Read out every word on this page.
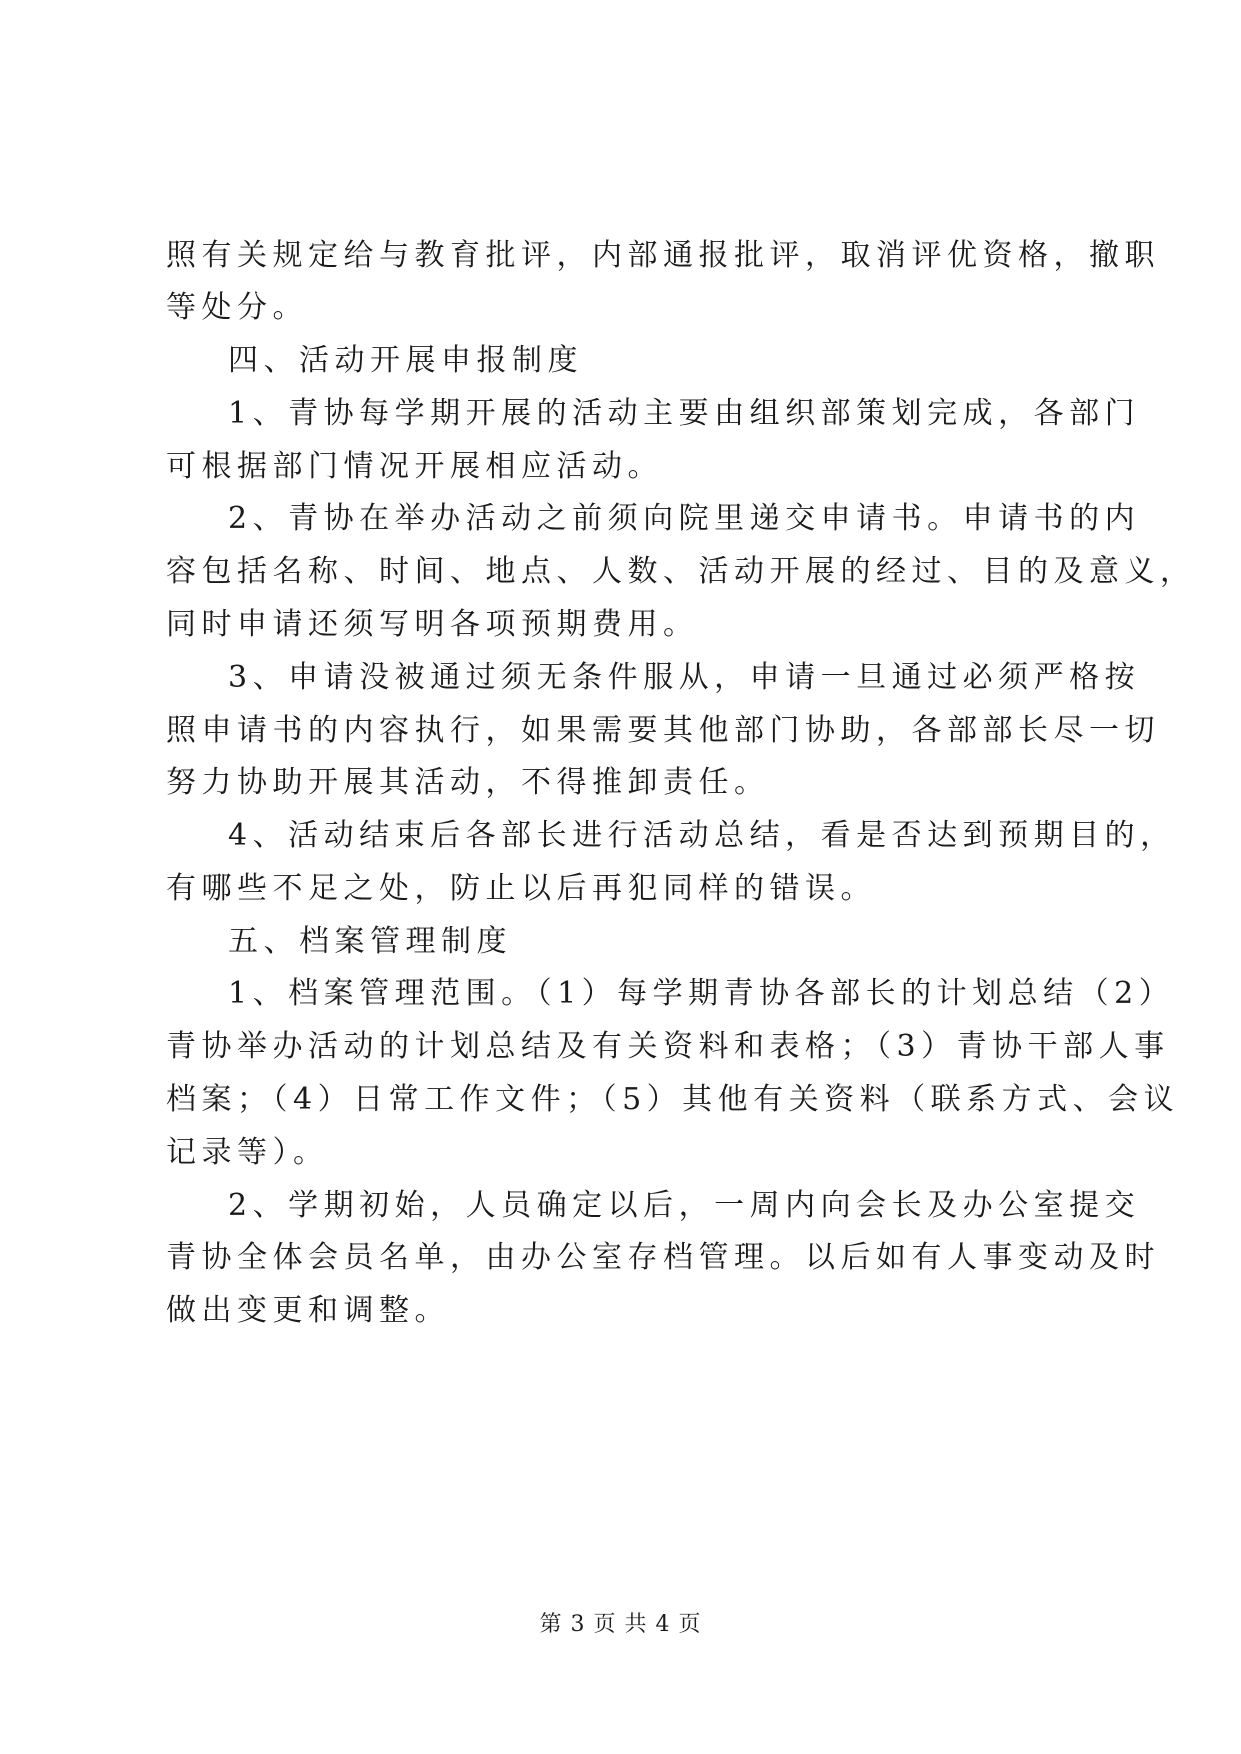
照有关规定给与教育批评，内部通报批评，取消评优资格，撤职
等处分。
四、活动开展申报制度
1、青协每学期开展的活动主要由组织部策划完成，各部门
可根据部门情况开展相应活动。
2、青协在举办活动之前须向院里递交申请书。申请书的内
容包括名称、时间、地点、人数、活动开展的经过、目的及意义，
同时申请还须写明各项预期费用。
3、申请没被通过须无条件服从，申请一旦通过必须严格按
照申请书的内容执行，如果需要其他部门协助，各部部长尽一切
努力协助开展其活动，不得推卸责任。
4、活动结束后各部长进行活动总结，看是否达到预期目的，
有哪些不足之处，防止以后再犯同样的错误。
五、档案管理制度
1、档案管理范围。（1）每学期青协各部长的计划总结（2）
青协举办活动的计划总结及有关资料和表格；（3）青协干部人事
档案；（4）日常工作文件；（5）其他有关资料（联系方式、会议
记录等）。
2、学期初始，人员确定以后，一周内向会长及办公室提交
青协全体会员名单，由办公室存档管理。以后如有人事变动及时
做出变更和调整。
第 3 页 共 4 页
